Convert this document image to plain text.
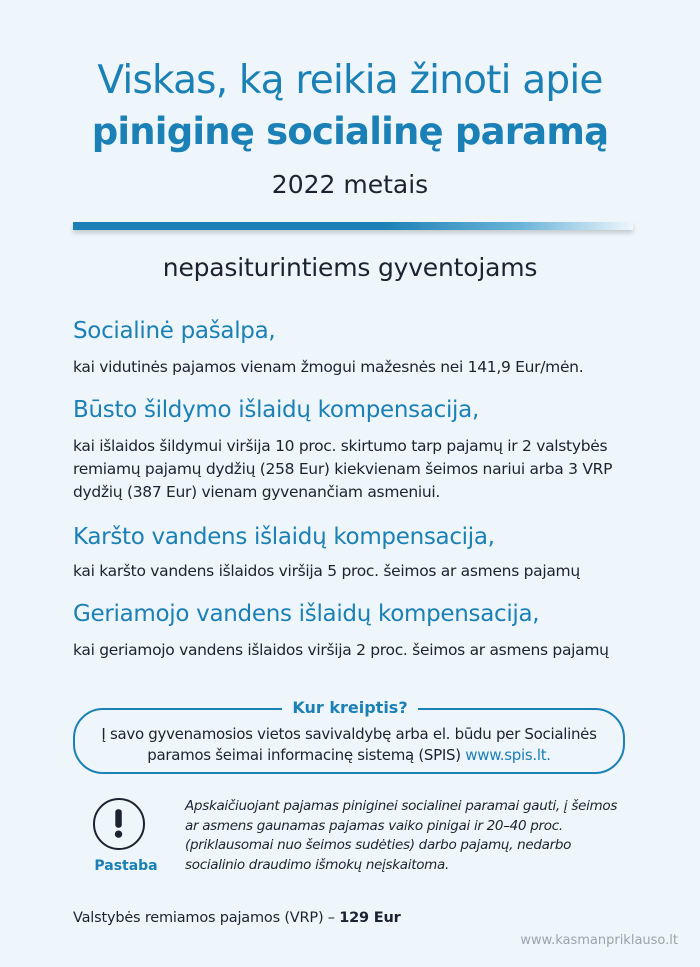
Viskas, ką reikia žinoti apie
piniginę socialinę paramą
2022 metais
nepasiturintiems gyventojams
Socialinė pašalpa,
kai vidutinės pajamos vienam žmogui mažesnės nei 141,9 Eur/mėn.
Būsto šildymo išlaidų kompensacija,
kai išlaidos šildymui viršija 10 proc. skirtumo tarp pajamų ir 2 valstybės remiamų pajamų dydžių (258 Eur) kiekvienam šeimos nariui arba 3 VRP dydžių (387 Eur) vienam gyvenančiam asmeniui.
Karšto vandens išlaidų kompensacija,
kai karšto vandens išlaidos viršija 5 proc. šeimos ar asmens pajamų
Geriamojo vandens išlaidų kompensacija,
kai geriamojo vandens išlaidos viršija 2 proc. šeimos ar asmens pajamų
Kur kreiptis?
Į savo gyvenamosios vietos savivaldybę arba el. būdu per Socialinės paramos šeimai informacinę sistemą (SPIS) www.spis.lt.
Pastaba
Apskaičiuojant pajamas piniginei socialinei paramai gauti, į šeimos ar asmens gaunamas pajamas vaiko pinigai ir 20–40 proc. (priklausomai nuo šeimos sudėties) darbo pajamų, nedarbo socialinio draudimo išmokų neįskaitoma.
Valstybės remiamos pajamos (VRP) – 129 Eur
www.kasmanpriklauso.lt
